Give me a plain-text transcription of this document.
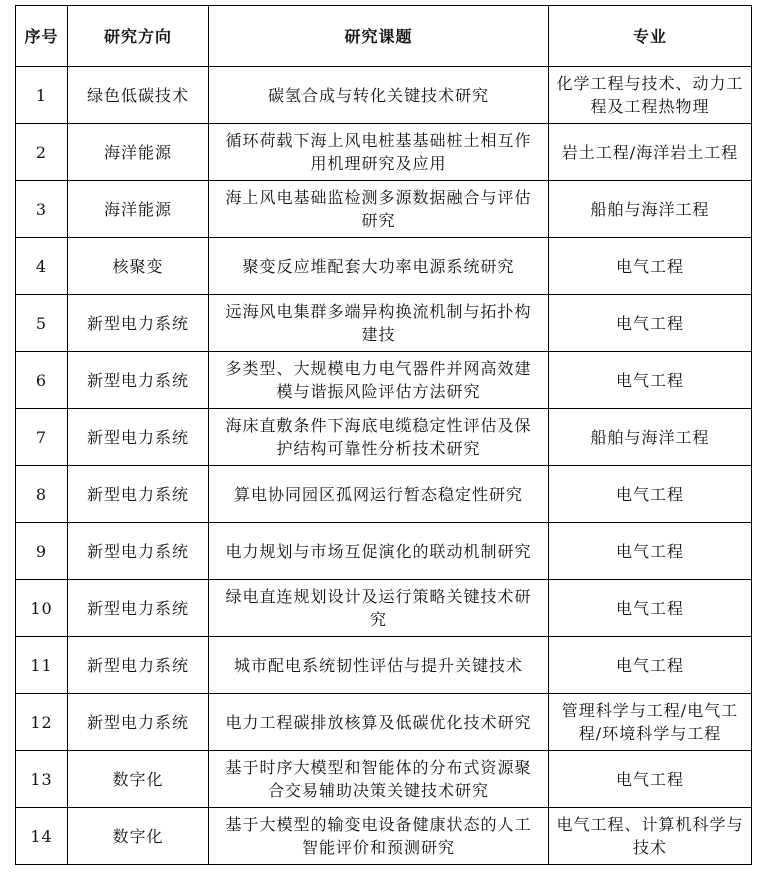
序号	研究方向	研究课题	专业
1	绿色低碳技术	碳氢合成与转化关键技术研究	化学工程与技术、动力工程及工程热物理
2	海洋能源	循环荷载下海上风电桩基基础桩土相互作用机理研究及应用	岩土工程/海洋岩土工程
3	海洋能源	海上风电基础监检测多源数据融合与评估研究	船舶与海洋工程
4	核聚变	聚变反应堆配套大功率电源系统研究	电气工程
5	新型电力系统	远海风电集群多端异构换流机制与拓扑构建技	电气工程
6	新型电力系统	多类型、大规模电力电气器件并网高效建模与谐振风险评估方法研究	电气工程
7	新型电力系统	海床直敷条件下海底电缆稳定性评估及保护结构可靠性分析技术研究	船舶与海洋工程
8	新型电力系统	算电协同园区孤网运行暂态稳定性研究	电气工程
9	新型电力系统	电力规划与市场互促演化的联动机制研究	电气工程
10	新型电力系统	绿电直连规划设计及运行策略关键技术研究	电气工程
11	新型电力系统	城市配电系统韧性评估与提升关键技术	电气工程
12	新型电力系统	电力工程碳排放核算及低碳优化技术研究	管理科学与工程/电气工程/环境科学与工程
13	数字化	基于时序大模型和智能体的分布式资源聚合交易辅助决策关键技术研究	电气工程
14	数字化	基于大模型的输变电设备健康状态的人工智能评价和预测研究	电气工程、计算机科学与技术
